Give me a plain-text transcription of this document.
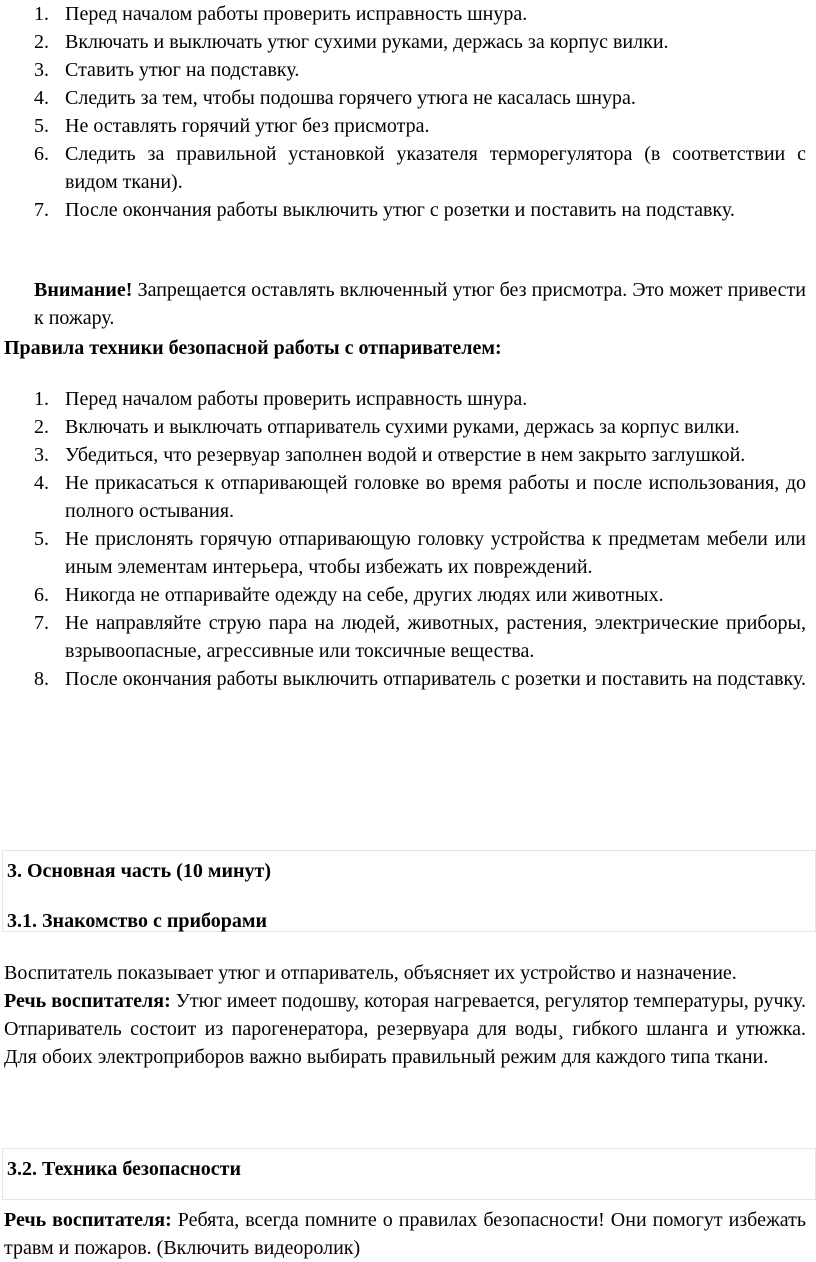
1. Перед началом работы проверить исправность шнура.
2. Включать и выключать утюг сухими руками, держась за корпус вилки.
3. Ставить утюг на подставку.
4. Следить за тем, чтобы подошва горячего утюга не касалась шнура.
5. Не оставлять горячий утюг без присмотра.
6. Следить за правильной установкой указателя терморегулятора (в соответствии с видом ткани).
7. После окончания работы выключить утюг с розетки и поставить на подставку.

Внимание! Запрещается оставлять включенный утюг без присмотра. Это может привести к пожару.

Правила техники безопасной работы с отпаривателем:

1. Перед началом работы проверить исправность шнура.
2. Включать и выключать отпариватель сухими руками, держась за корпус вилки.
3. Убедиться, что резервуар заполнен водой и отверстие в нем закрыто заглушкой.
4. Не прикасаться к отпаривающей головке во время работы и после использования, до полного остывания.
5. Не прислонять горячую отпаривающую головку устройства к предметам мебели или иным элементам интерьера, чтобы избежать их повреждений.
6. Никогда не отпаривайте одежду на себе, других людях или животных.
7. Не направляйте струю пара на людей, животных, растения, электрические приборы, взрывоопасные, агрессивные или токсичные вещества.
8. После окончания работы выключить отпариватель с розетки и поставить на подставку.
3. Основная часть (10 минут)
3.1. Знакомство с приборами

Воспитатель показывает утюг и отпариватель, объясняет их устройство и назначение.

Речь воспитателя: Утюг имеет подошву, которая нагревается, регулятор температуры, ручку. Отпариватель состоит из парогенератора, резервуара для воды¸ гибкого шланга и утюжка. Для обоих электроприборов важно выбирать правильный режим для каждого типа ткани.

3.2. Техника безопасности

Речь воспитателя: Ребята, всегда помните о правилах безопасности! Они помогут избежать травм и пожаров. (Включить видеоролик)
